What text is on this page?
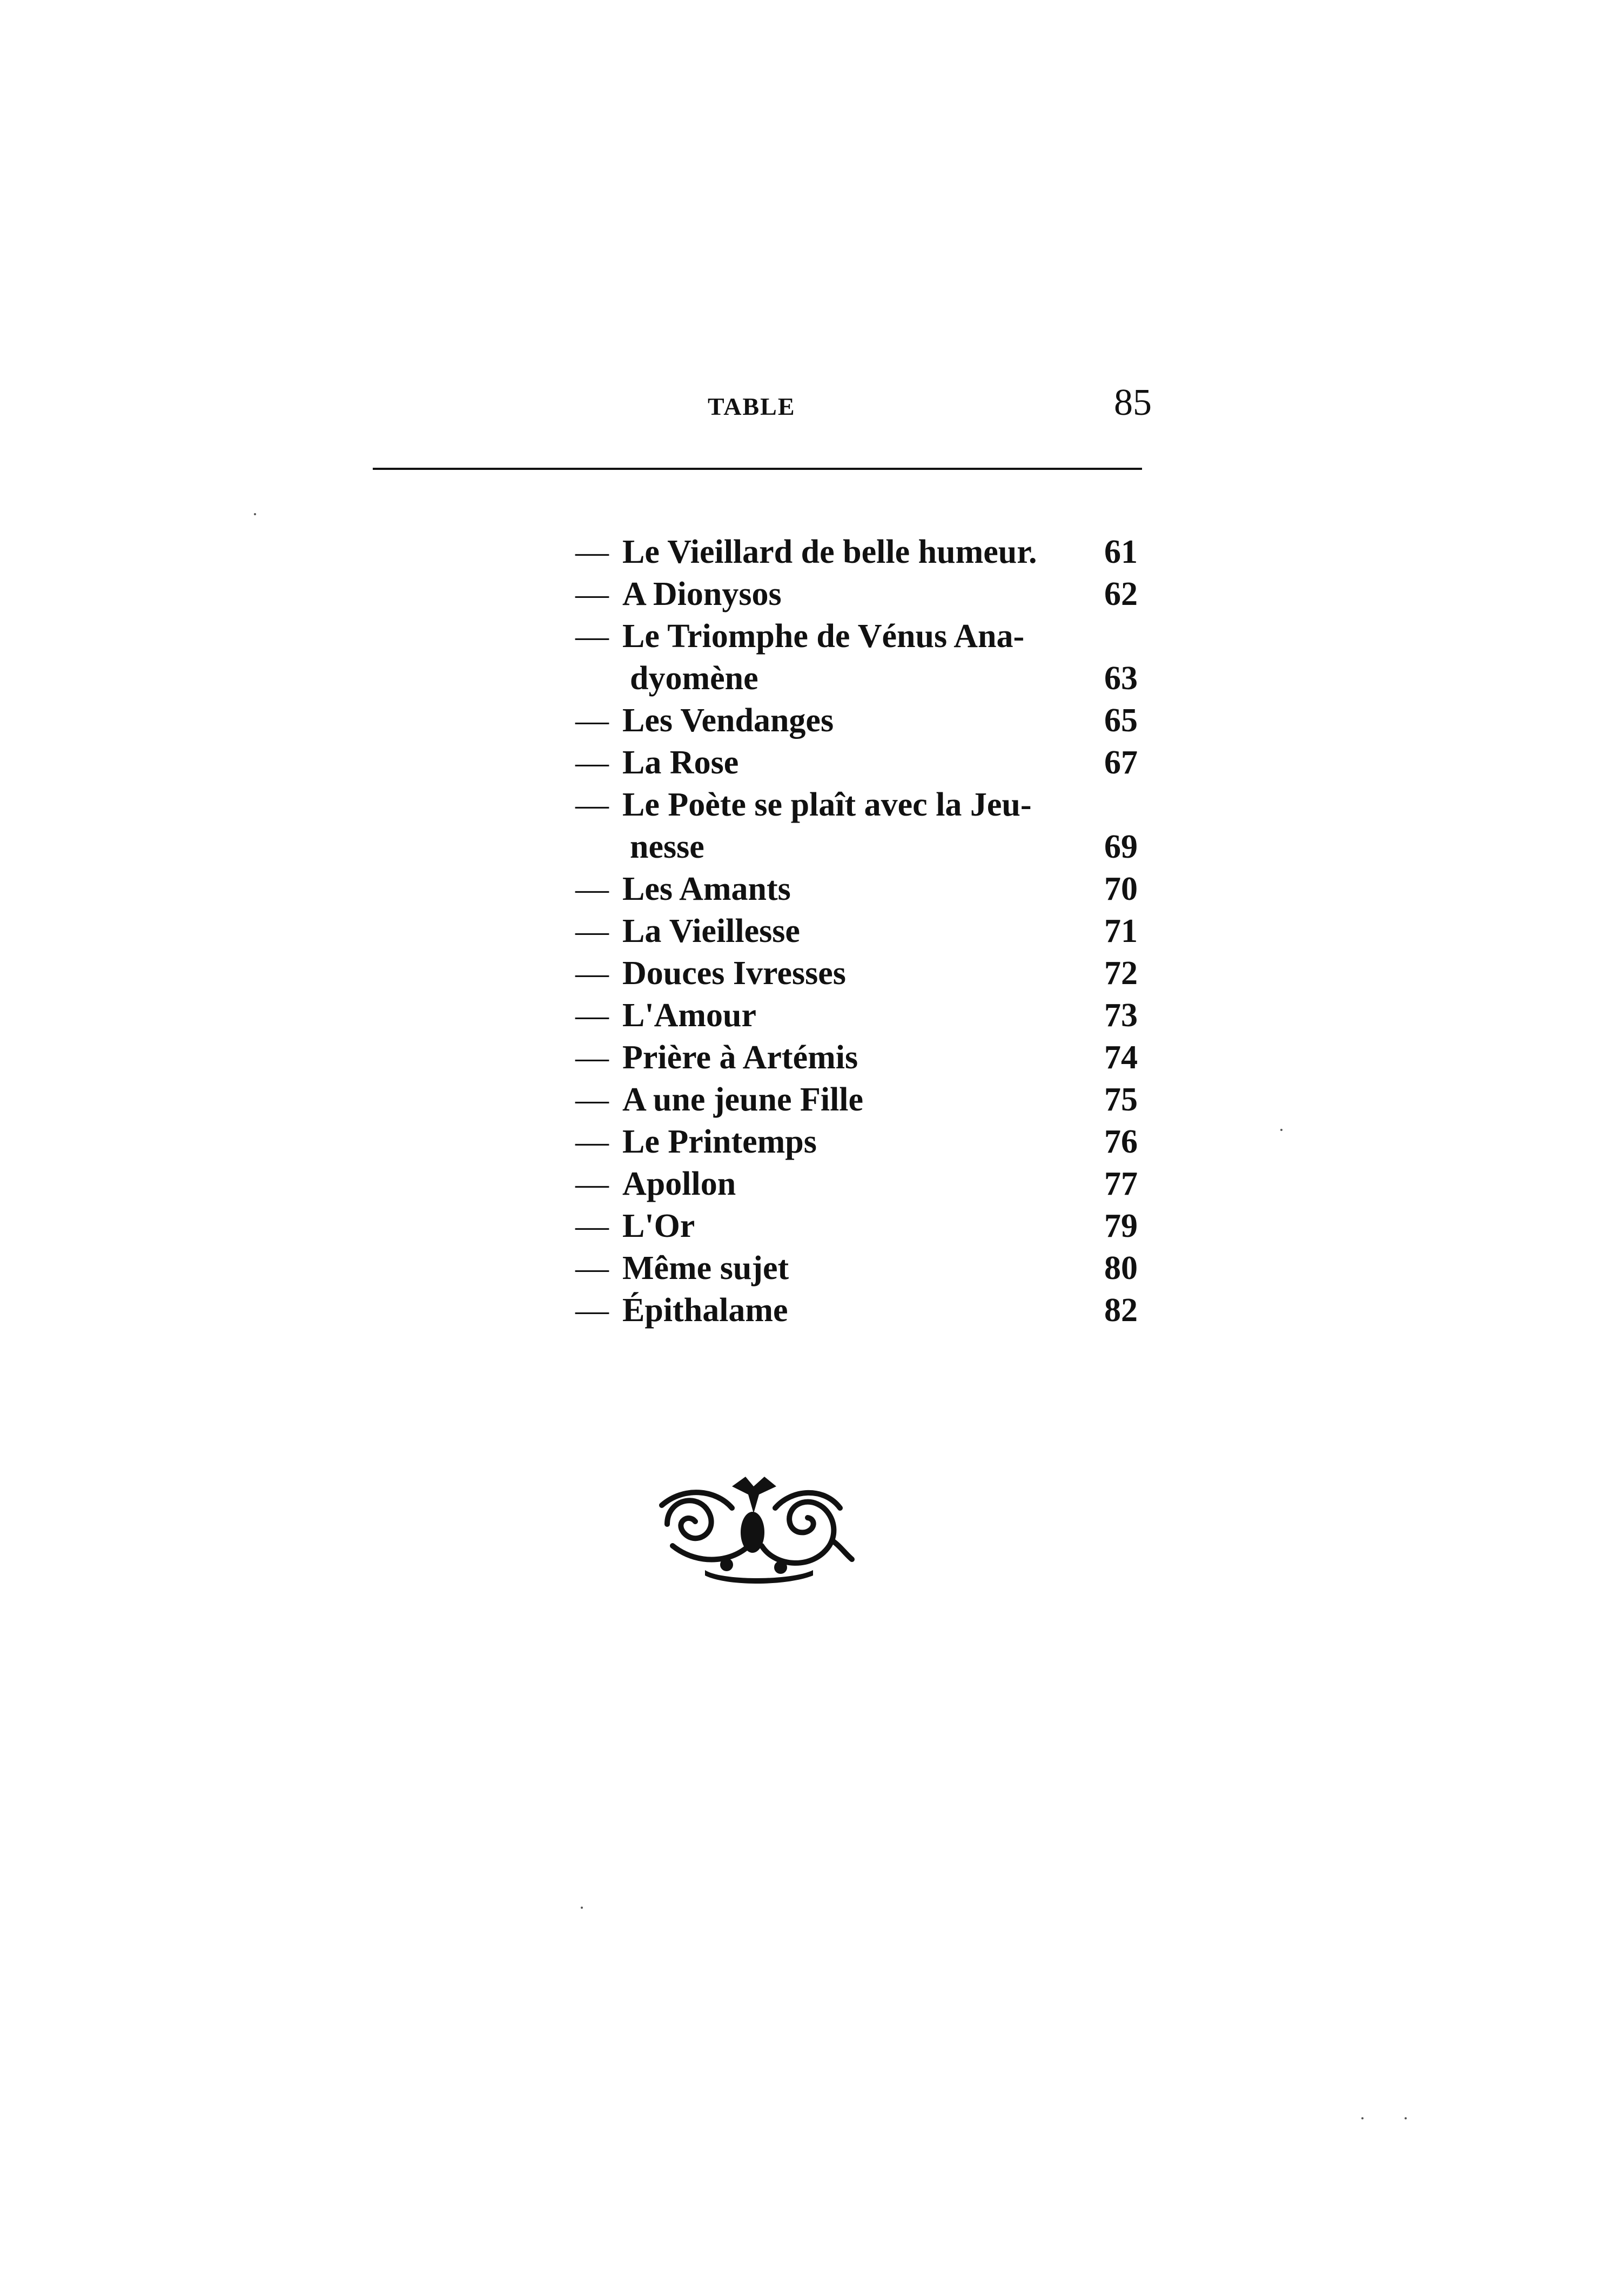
TABLE	85
— Le Vieillard de belle humeur. 61
— A Dionysos	62
— Le Triomphe de Vénus Ana-
dyomène	63
— Les Vendanges	65
— La Rose	67
— Le Poète se plaît avec la Jeu-
nesse	69
— Les Amants	70
— La Vieillesse	71
— Douces Ivresses	72
— L'Amour	73
— Prière à Artémis	74
— A une jeune Fille	75
— Le Printemps	76
— Apollon	77
— L'Or	79
— Même sujet	80
— Épithalame	82
